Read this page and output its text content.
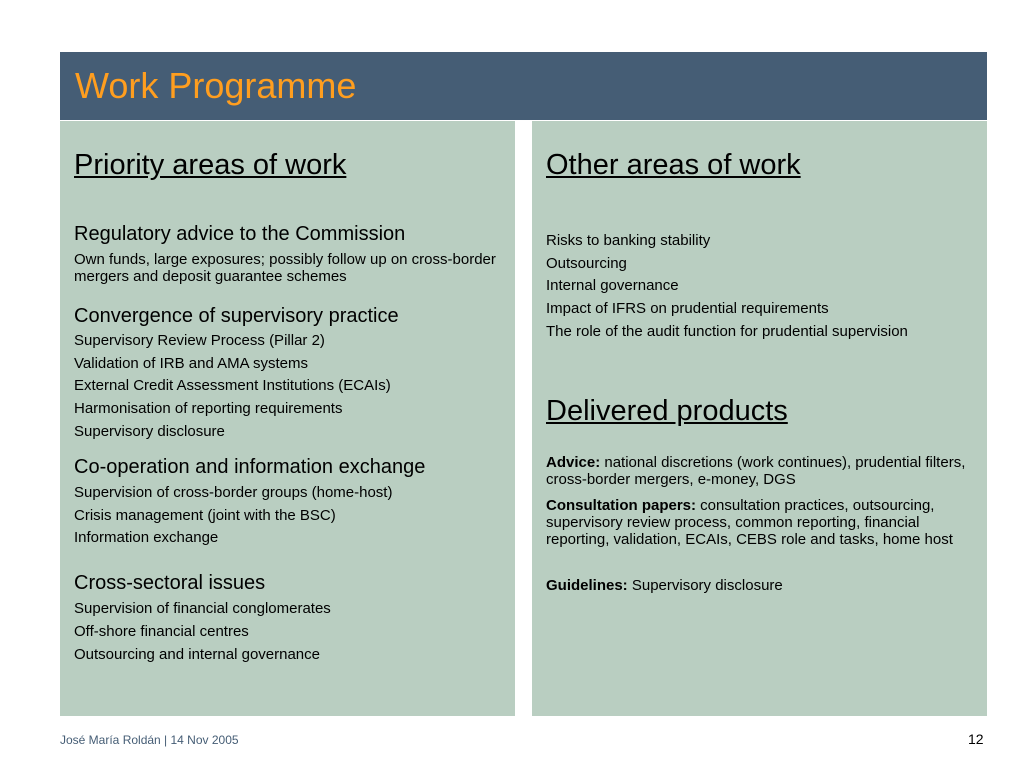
Work Programme
Priority areas of work
Regulatory advice to the Commission
Own funds, large exposures; possibly follow up on cross-border mergers and deposit guarantee schemes
Convergence of supervisory practice
Supervisory Review Process (Pillar 2)
Validation of IRB and AMA systems
External Credit Assessment Institutions (ECAIs)
Harmonisation of reporting requirements
Supervisory disclosure
Co-operation and information exchange
Supervision of cross-border groups (home-host)
Crisis management (joint with the BSC)
Information exchange
Cross-sectoral issues
Supervision of financial conglomerates
Off-shore financial centres
Outsourcing and internal governance
Other areas of work
Risks to banking stability
Outsourcing
Internal governance
Impact of IFRS on prudential requirements
The role of the audit function for prudential supervision
Delivered products
Advice: national discretions (work continues), prudential filters, cross-border mergers, e-money, DGS
Consultation papers: consultation practices, outsourcing, supervisory review process, common reporting, financial reporting, validation, ECAIs, CEBS role and tasks, home host
Guidelines: Supervisory disclosure
José María Roldán | 14 Nov 2005	12
